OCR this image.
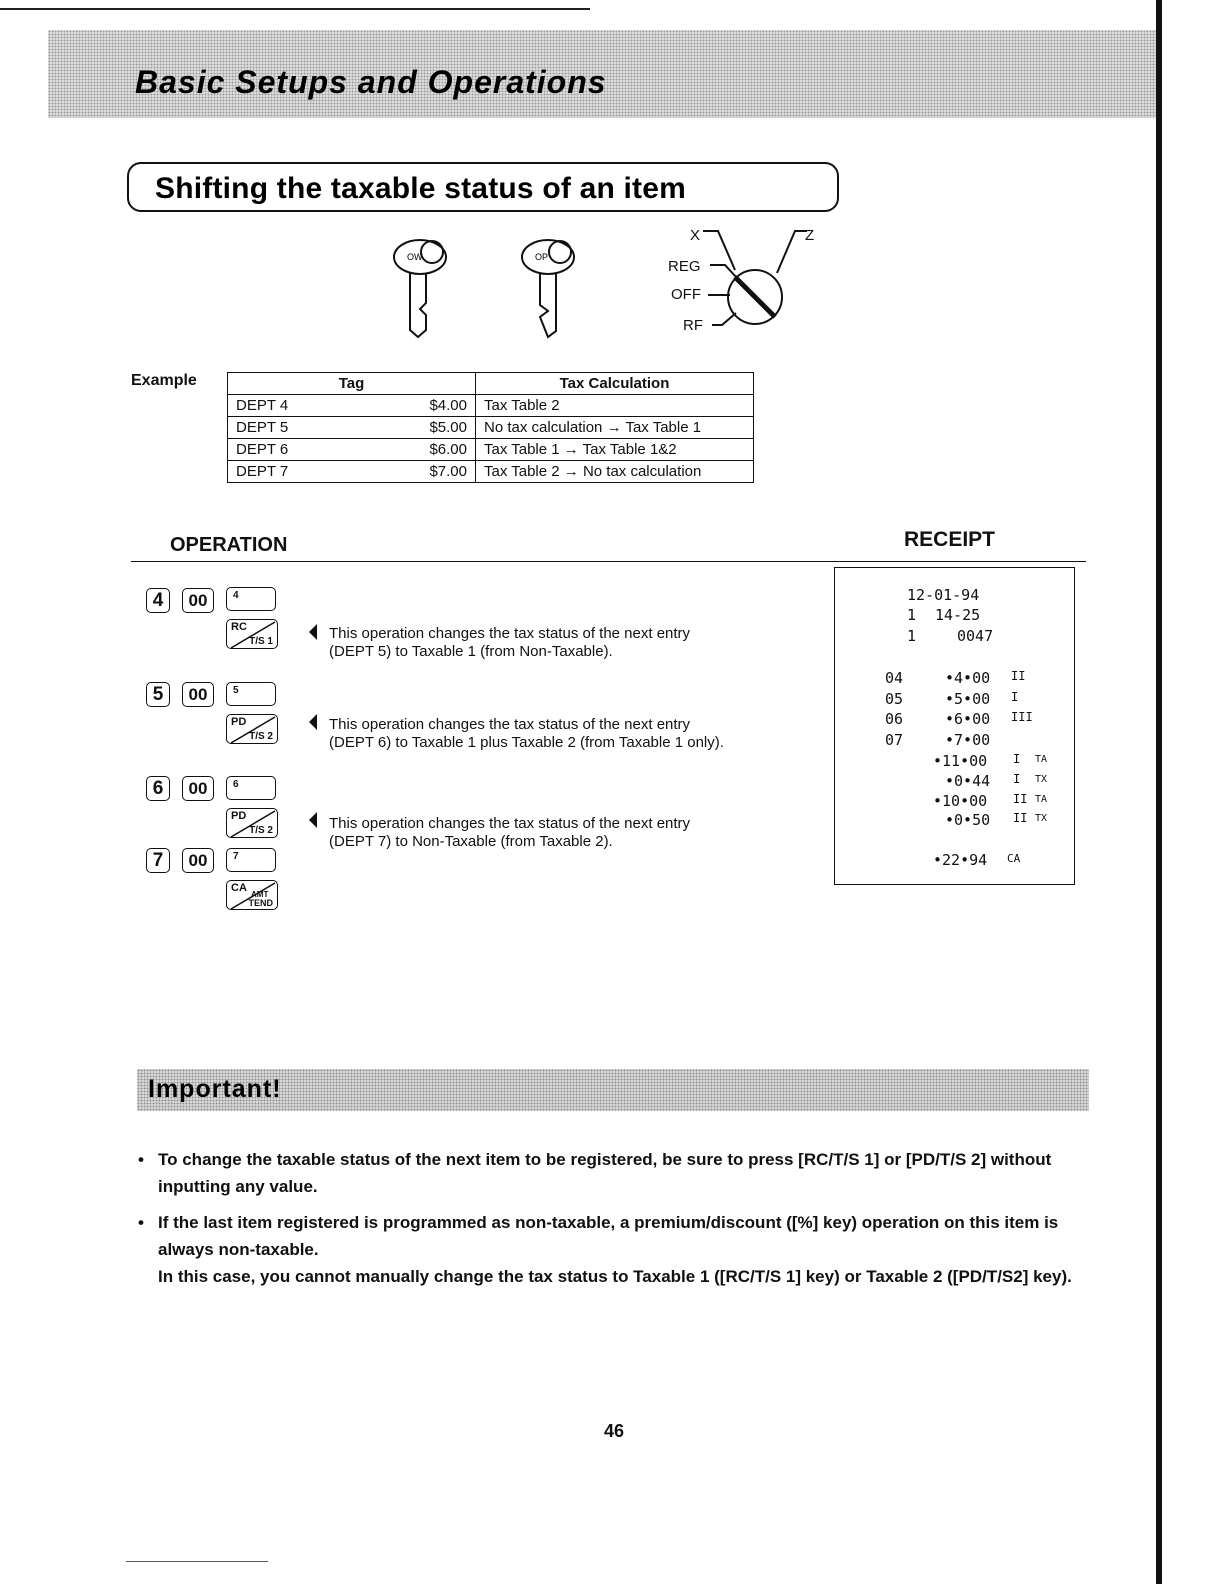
Basic Setups and Operations
Shifting the taxable status of an item
OW	OP
X	Z
REG
OFF
RF
Example	Tag		Tax Calculation
DEPT 4	$4.00	Tax Table 2
DEPT 5	$5.00	No tax calculation → Tax Table 1
DEPT 6	$6.00	Tax Table 1 → Tax Table 1&2
DEPT 7	$7.00	Tax Table 2 → No tax calculation
OPERATION	RECEIPT
4	00	4
RC
T/S 1	This operation changes the tax status of the next entry (DEPT 5) to Taxable 1 (from Non-Taxable).
5	00	5
PD
T/S 2
This operation changes the tax status of the next entry (DEPT 6) to Taxable 1 plus Taxable 2 (from Taxable 1 only).
6	00	6
PD
T/S 2	This operation changes the tax status of the next entry (DEPT 7) to Non-Taxable (from Taxable 2).
7	00	7
CA
AMT
TEND
12-01-94
1 14-25
1	0047
04	•4•00 II
05	•5•00 I
06	•6•00 III
07	•7•00
•11•00 I TA
•0•44 I TX
•10•00 II TA
•0•50 II TX
•22•94 CA
Important!
• To change the taxable status of the next item to be registered, be sure to press [RC/T/S 1] or [PD/T/S 2] without inputting any value.
• If the last item registered is programmed as non-taxable, a premium/discount ([%] key) operation on this item is always non-taxable.
In this case, you cannot manually change the tax status to Taxable 1 ([RC/T/S 1] key) or Taxable 2 ([PD/T/S2] key).
46
